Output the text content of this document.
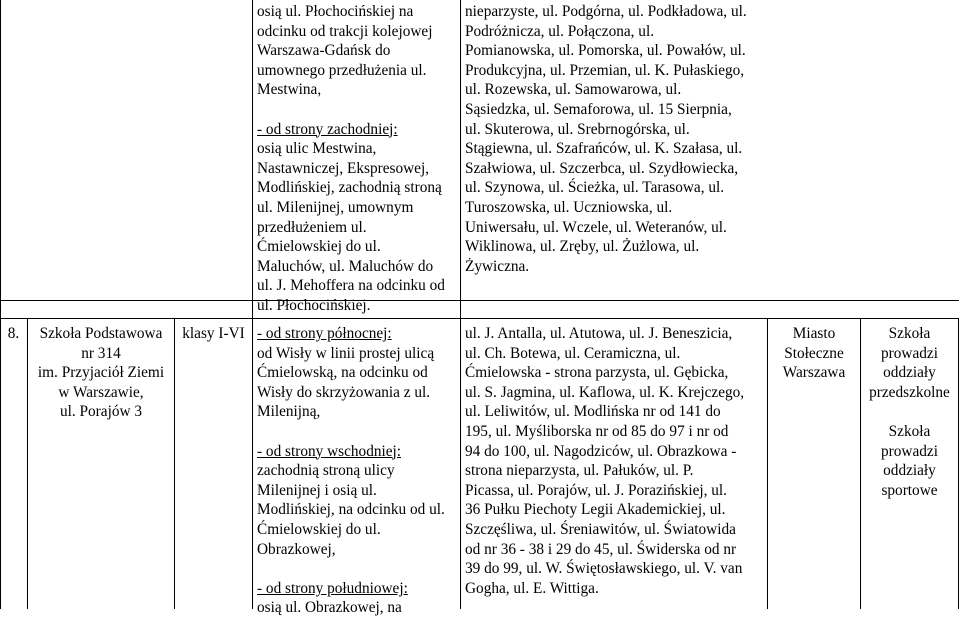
osią ul. Płochocińskiej na
odcinku od trakcji kolejowej
Warszawa-Gdańsk do
umownego przedłużenia ul.
Mestwina,
- od strony zachodniej:
osią ulic Mestwina,
Nastawniczej, Ekspresowej,
Modlińskiej, zachodnią stroną
ul. Milenijnej, umownym
przedłużeniem ul.
Ćmielowskiej do ul.
Maluchów, ul. Maluchów do
ul. J. Mehoffera na odcinku od
ul. Płochocińskiej.
nieparzyste, ul. Podgórna, ul. Podkładowa, ul.
Podróżnicza, ul. Połączona, ul.
Pomianowska, ul. Pomorska, ul. Powałów, ul.
Produkcyjna, ul. Przemian, ul. K. Pułaskiego,
ul. Rozewska, ul. Samowarowa, ul.
Sąsiedzka, ul. Semaforowa, ul. 15 Sierpnia,
ul. Skuterowa, ul. Srebrnogórska, ul.
Stągiewna, ul. Szafrańców, ul. K. Szałasa, ul.
Szałwiowa, ul. Szczerbca, ul. Szydłowiecka,
ul. Szynowa, ul. Ścieżka, ul. Tarasowa, ul.
Turoszowska, ul. Uczniowska, ul.
Uniwersału, ul. Wczele, ul. Weteranów, ul.
Wiklinowa, ul. Zręby, ul. Żużlowa, ul.
Żywiczna.
8.	Szkoła Podstawowa
nr 314
im. Przyjaciół Ziemi
w Warszawie,
ul. Porajów 3
klasy I-VI - od strony północnej:
od Wisły w linii prostej ulicą
Ćmielowską, na odcinku od
Wisły do skrzyżowania z ul.
Milenijną,
- od strony wschodniej:
zachodnią stroną ulicy
Milenijnej i osią ul.
Modlińskiej, na odcinku od ul.
Ćmielowskiej do ul.
Obrazkowej,
- od strony południowej:
osią ul. Obrazkowej, na
ul. J. Antalla, ul. Atutowa, ul. J. Beneszicia,
ul. Ch. Botewa, ul. Ceramiczna, ul.
Ćmielowska - strona parzysta, ul. Gębicka,
ul. S. Jagmina, ul. Kaflowa, ul. K. Krejczego,
ul. Leliwitów, ul. Modlińska nr od 141 do
195, ul. Myśliborska nr od 85 do 97 i nr od
94 do 100, ul. Nagodziców, ul. Obrazkowa -
strona nieparzysta, ul. Pałuków, ul. P.
Picassa, ul. Porajów, ul. J. Porazińskiej, ul.
36 Pułku Piechoty Legii Akademickiej, ul.
Szczęśliwa, ul. Śreniawitów, ul. Światowida
od nr 36 - 38 i 29 do 45, ul. Świderska od nr
39 do 99, ul. W. Świętosławskiego, ul. V. van
Gogha, ul. E. Wittiga.
Miasto
Stołeczne
Warszawa
Szkoła
prowadzi
oddziały
przedszkolne

Szkoła
prowadzi
oddziały
sportowe
